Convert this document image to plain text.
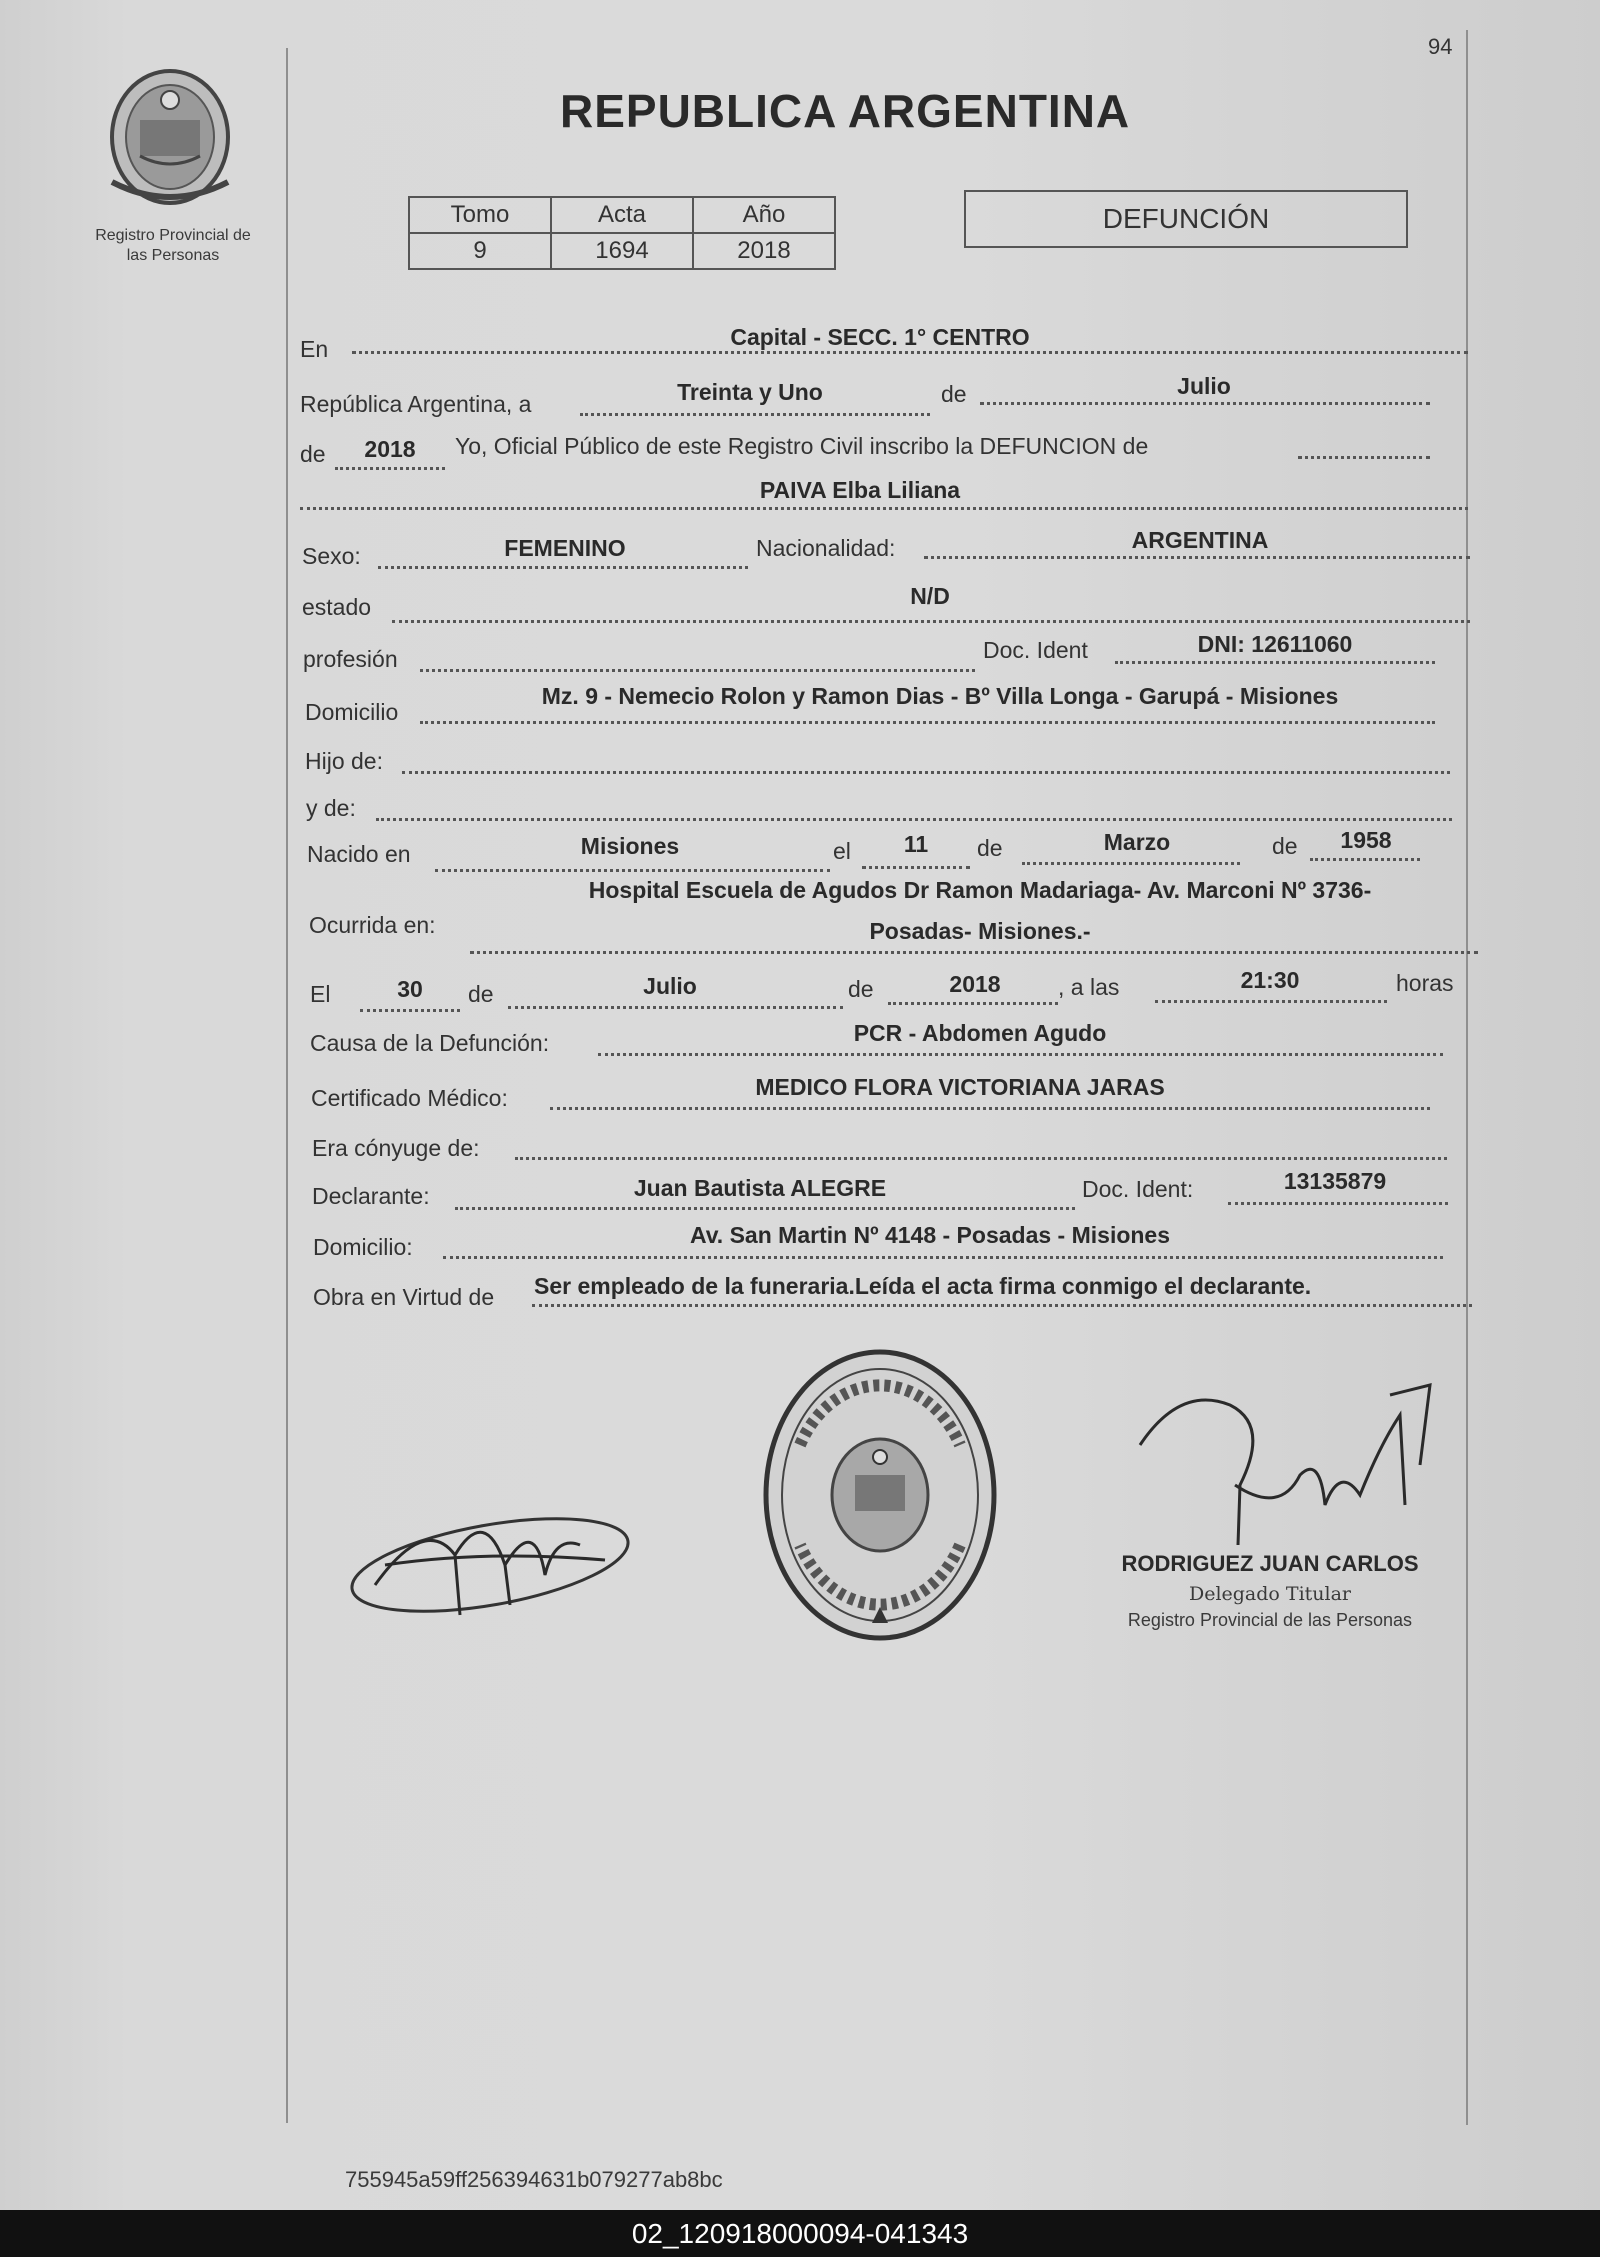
94
Registro Provincial de
las Personas
REPUBLICA ARGENTINA
Tomo	Acta	Año
9	1694	2018
DEFUNCIÓN
En	Capital - SECC. 1° CENTRO
República Argentina, a	Treinta y Uno	de	Julio
de	2018	Yo, Oficial Público de este Registro Civil inscribo la DEFUNCION de
PAIVA Elba Liliana
Sexo:	FEMENINO	Nacionalidad:	ARGENTINA
estado	N/D
profesión	Doc. Ident	DNI: 12611060
Domicilio
Mz. 9 - Nemecio Rolon y Ramon Dias - Bº Villa Longa - Garupá - Misiones
Hijo de:
y de:
Nacido en	Misiones	el	11	de	Marzo	de	1958
Ocurrida en:
Hospital Escuela de Agudos Dr Ramon Madariaga- Av. Marconi Nº 3736-
Posadas- Misiones.-
El	30	de	Julio	de	2018	, a las	21:30	horas
Causa de la Defunción:	PCR - Abdomen Agudo
Certificado Médico:	MEDICO FLORA VICTORIANA JARAS
Era cónyuge de:
Declarante:	Juan Bautista ALEGRE	Doc. Ident:	13135879
Domicilio:	Av. San Martin Nº 4148 - Posadas - Misiones
Obra en Virtud de Ser empleado de la funeraria.Leída el acta firma conmigo el declarante.
RODRIGUEZ JUAN CARLOS
Delegado Titular
Registro Provincial de las Personas
755945a59ff256394631b079277ab8bc
02_120918000094-041343
